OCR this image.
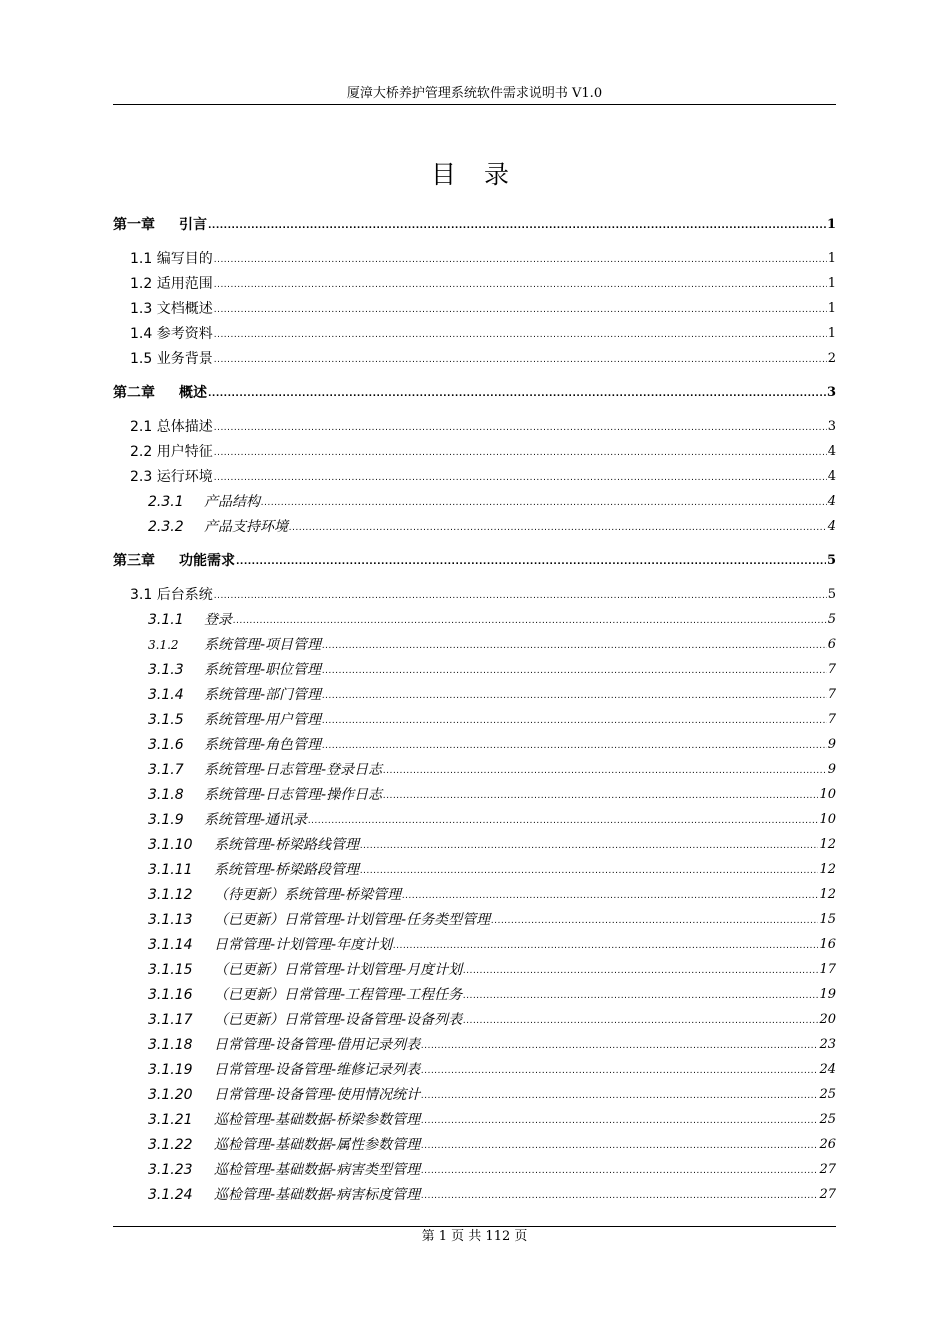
厦漳大桥养护管理系统软件需求说明书 V1.0
目 录
第一章 引言 .....	1
1.1 编写目的 .....	1
1.2 适用范围 .....	1
1.3 文档概述 .....	1
1.4 参考资料 .....	1
1.5 业务背景 .....	2
第二章 概述 .....	3
2.1 总体描述 .....	3
2.2 用户特征 .....	4
2.3 运行环境 .....	4
2.3.1 产品结构 .....	4
2.3.2 产品支持环境 .....	4
第三章 功能需求 .....	5
3.1 后台系统 .....	5
3.1.1 登录 .....	5
3.1.2 系统管理-项目管理 .....	6
3.1.3 系统管理-职位管理 .....	7
3.1.4 系统管理-部门管理 .....	7
3.1.5 系统管理-用户管理 .....	7
3.1.6 系统管理-角色管理 .....	9
3.1.7 系统管理-日志管理-登录日志 .....	9
3.1.8 系统管理-日志管理-操作日志 .....	10
3.1.9 系统管理-通讯录 .....	10
3.1.10 系统管理-桥梁路线管理 .....	12
3.1.11 系统管理-桥梁路段管理 .....	12
3.1.12 （待更新）系统管理-桥梁管理 .....	12
3.1.13 （已更新）日常管理-计划管理-任务类型管理 .....	15
3.1.14 日常管理-计划管理-年度计划 .....	16
3.1.15 （已更新）日常管理-计划管理-月度计划 .....	17
3.1.16 （已更新）日常管理-工程管理-工程任务 .....	19
3.1.17 （已更新）日常管理-设备管理-设备列表 .....	20
3.1.18 日常管理-设备管理-借用记录列表 .....	23
3.1.19 日常管理-设备管理-维修记录列表 .....	24
3.1.20 日常管理-设备管理-使用情况统计 .....	25
3.1.21 巡检管理-基础数据-桥梁参数管理 .....	25
3.1.22 巡检管理-基础数据-属性参数管理 .....	26
3.1.23 巡检管理-基础数据-病害类型管理 .....	27
3.1.24 巡检管理-基础数据-病害标度管理 .....	27
第 1 页 共 112 页
